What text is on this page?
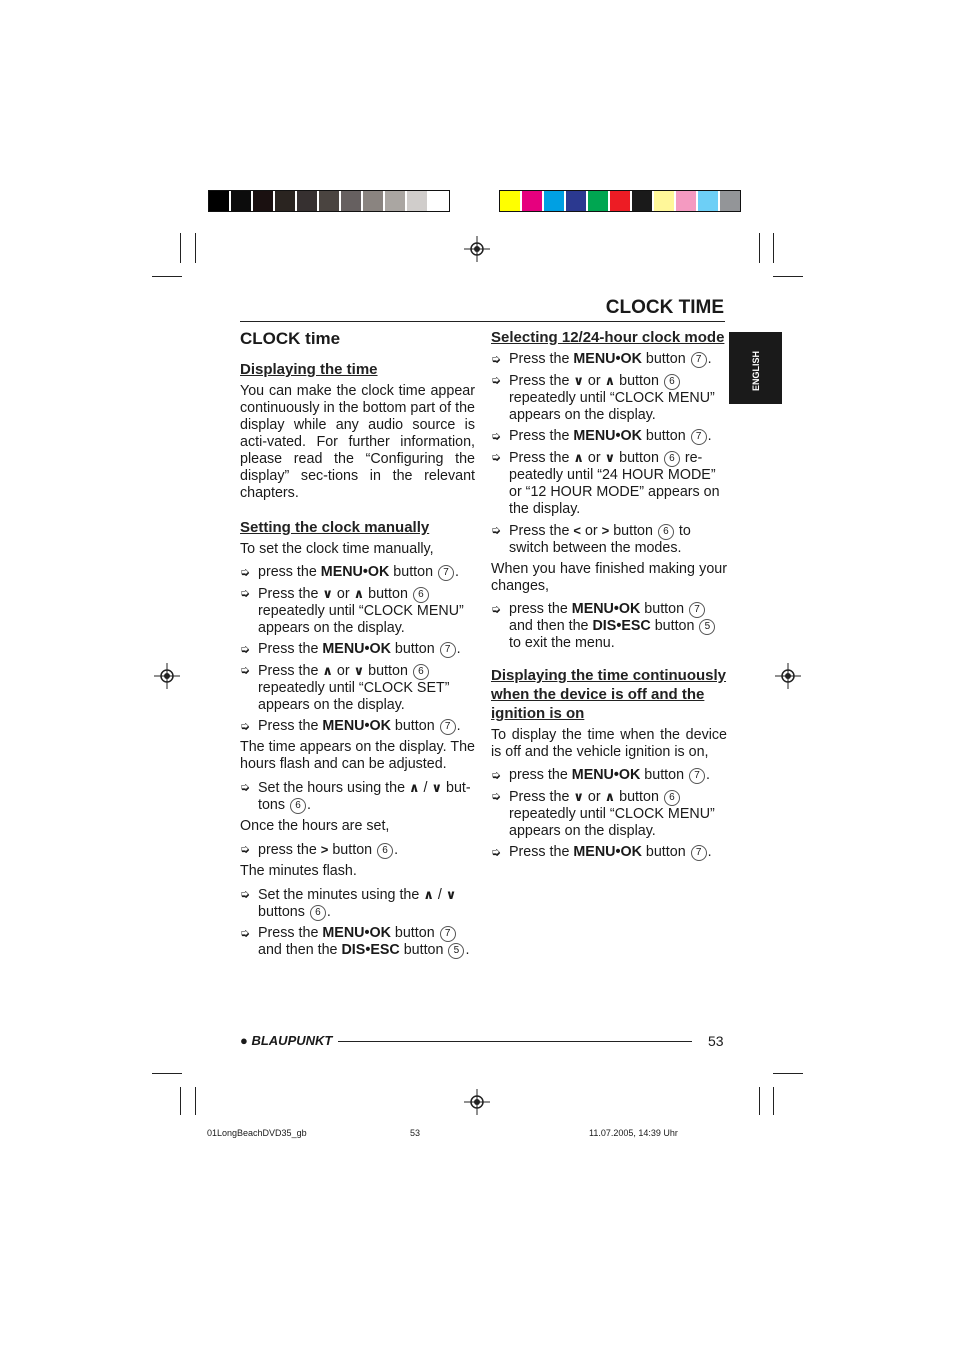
CLOCK TIME
ENGLISH
CLOCK time
Displaying the time

You can make the clock time appear continuously in the bottom part of the display while any audio source is acti-vated. For further information, please read the “Configuring the display” sec-tions in the relevant chapters.

Setting the clock manually

To set the clock time manually,

➭ press the MENU•OK button 7 .
➭ Press the ∨ or ∧ button 6 repeatedly until “CLOCK MENU” appears on the display.
➭ Press the MENU•OK button 7 .
➭ Press the ∧ or ∨ button 6 repeatedly until “CLOCK SET” appears on the display.
➭ Press the MENU•OK button 7 .

The time appears on the display. The hours flash and can be adjusted.

➭ Set the hours using the ∧ / ∨ but-tons 6 .

Once the hours are set,

➭ press the > button 6 .

The minutes flash.

➭ Set the minutes using the ∧ / ∨ buttons 6 .
➭ Press the MENU•OK button 7 and then the DIS•ESC button 5 .
Selecting 12/24-hour clock mode
➭ Press the MENU•OK button 7 .
➭ Press the ∨ or ∧ button 6 repeatedly until “CLOCK MENU” appears on the display.
➭ Press the MENU•OK button 7 .
➭ Press the ∧ or ∨ button 6 re-peatedly until “24 HOUR MODE” or “12 HOUR MODE” appears on the display.
➭ Press the < or > button 6 to switch between the modes.

When you have finished making your changes,

➭ press the MENU•OK button 7 and then the DIS•ESC button 5 to exit the menu.
Displaying the time continuously when the device is off and the ignition is on

To display the time when the device is off and the vehicle ignition is on,

➭ press the MENU•OK button 7 .
➭ Press the ∨ or ∧ button 6 repeatedly until “CLOCK MENU” appears on the display.
➭ Press the MENU•OK button 7 .
● BLAUPUNKT	53
01LongBeachDVD35_gb	53	11.07.2005, 14:39 Uhr
